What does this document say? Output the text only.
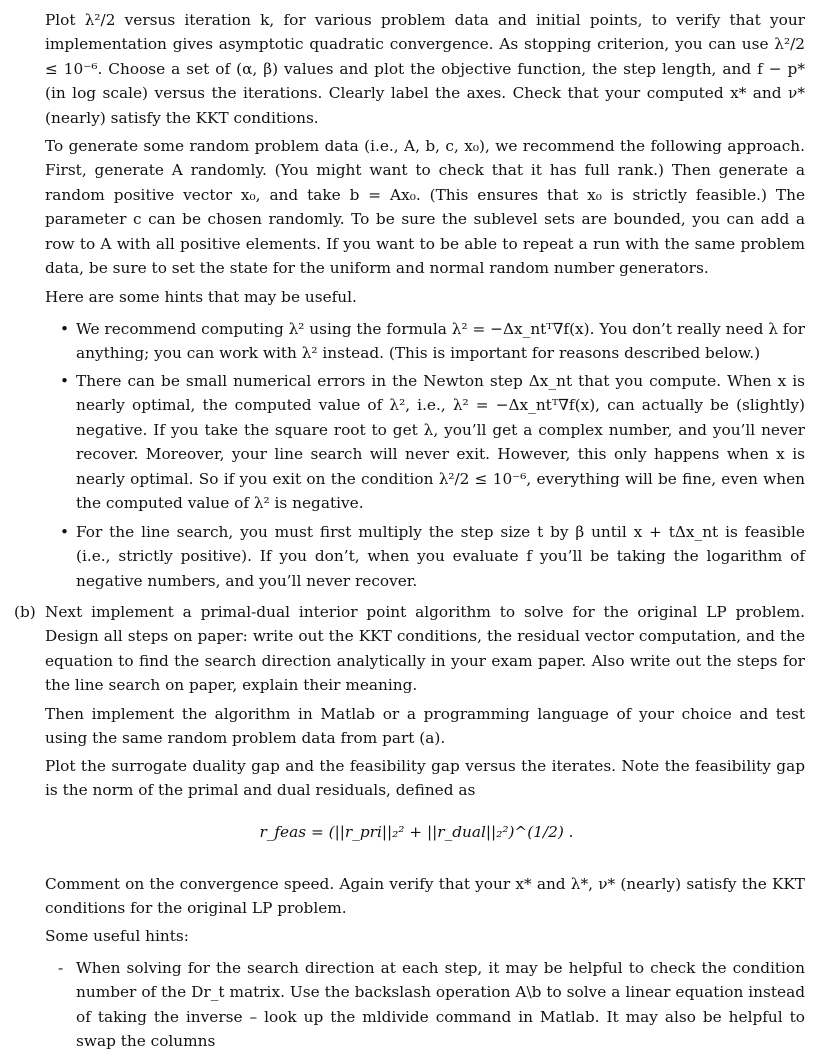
Plot λ²/2 versus iteration k, for various problem data and initial points, to verify that your implementation gives asymptotic quadratic convergence. As stopping criterion, you can use λ²/2 ≤ 10⁻⁶. Choose a set of (α, β) values and plot the objective function, the step length, and f − p* (in log scale) versus the iterations. Clearly label the axes. Check that your computed x* and ν* (nearly) satisfy the KKT conditions.

To generate some random problem data (i.e., A, b, c, x₀), we recommend the following approach. First, generate A randomly. (You might want to check that it has full rank.) Then generate a random positive vector x₀, and take b = Ax₀. (This ensures that x₀ is strictly feasible.) The parameter c can be chosen randomly. To be sure the sublevel sets are bounded, you can add a row to A with all positive elements. If you want to be able to repeat a run with the same problem data, be sure to set the state for the uniform and normal random number generators.

Here are some hints that may be useful.

• We recommend computing λ² using the formula λ² = −Δx_ntᵀ∇f(x). You don’t really need λ for anything; you can work with λ² instead. (This is important for reasons described below.)

• There can be small numerical errors in the Newton step Δx_nt that you compute. When x is nearly optimal, the computed value of λ², i.e., λ² = −Δx_ntᵀ∇f(x), can actually be (slightly) negative. If you take the square root to get λ, you’ll get a complex number, and you’ll never recover. Moreover, your line search will never exit. However, this only happens when x is nearly optimal. So if you exit on the condition λ²/2 ≤ 10⁻⁶, everything will be fine, even when the computed value of λ² is negative.

• For the line search, you must first multiply the step size t by β until x + tΔx_nt is feasible (i.e., strictly positive). If you don’t, when you evaluate f you’ll be taking the logarithm of negative numbers, and you’ll never recover.

(b) Next implement a primal-dual interior point algorithm to solve for the original LP problem. Design all steps on paper: write out the KKT conditions, the residual vector computation, and the equation to find the search direction analytically in your exam paper. Also write out the steps for the line search on paper, explain their meaning.

Then implement the algorithm in Matlab or a programming language of your choice and test using the same random problem data from part (a).

Plot the surrogate duality gap and the feasibility gap versus the iterates. Note the feasibility gap is the norm of the primal and dual residuals, defined as

r_feas = (||r_pri||₂² + ||r_dual||₂²)^(1/2) .

Comment on the convergence speed. Again verify that your x* and λ*, ν* (nearly) satisfy the KKT conditions for the original LP problem.

Some useful hints:

- When solving for the search direction at each step, it may be helpful to check the condition number of the Dr_t matrix. Use the backslash operation A\b to solve a linear equation instead of taking the inverse – look up the mldivide command in Matlab. It may also be helpful to swap the columns
